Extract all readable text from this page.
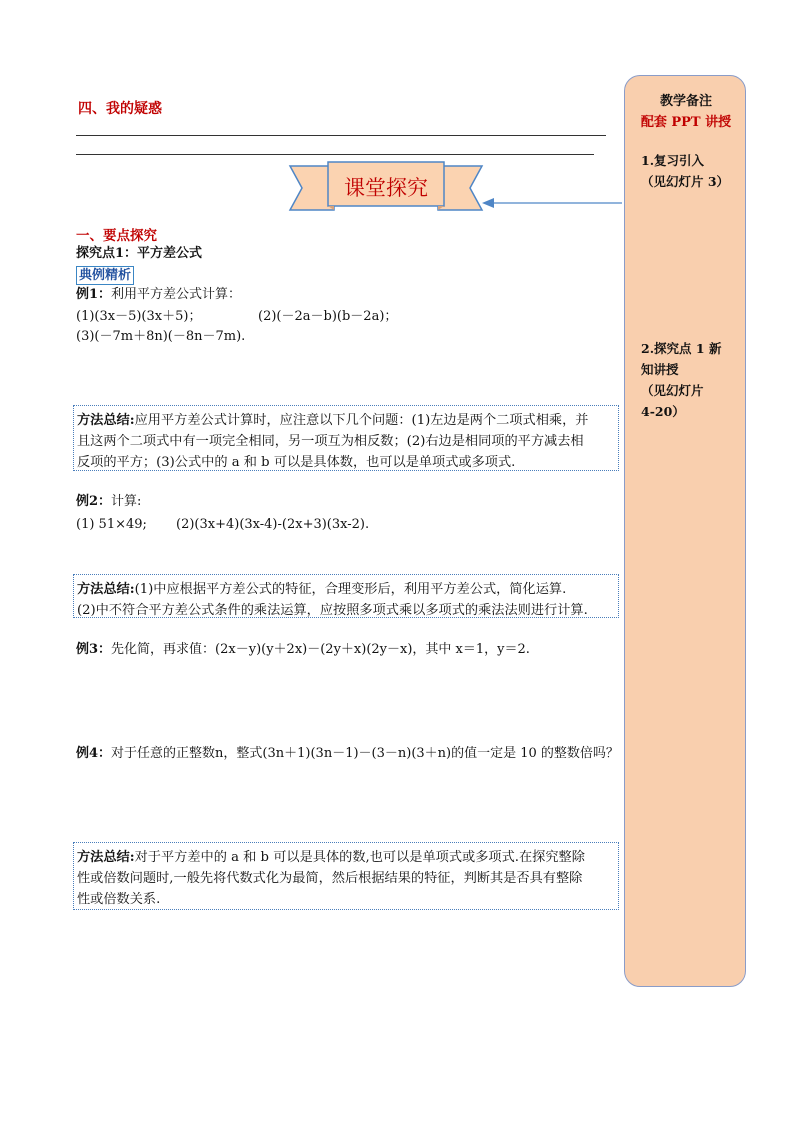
四、我的疑惑
课堂探究
一、要点探究
探究点1：平方差公式
典例精析
例1：利用平方差公式计算：
(1)(3x－5)(3x＋5)；	(2)(－2a－b)(b－2a)；
(3)(－7m＋8n)(－8n－7m).
方法总结:应用平方差公式计算时，应注意以下几个问题：(1)左边是两个二项式相乘，并
且这两个二项式中有一项完全相同，另一项互为相反数；(2)右边是相同项的平方减去相
反项的平方；(3)公式中的 a 和 b 可以是具体数，也可以是单项式或多项式.
例2：计算:
(1) 51×49; (2)(3x+4)(3x-4)-(2x+3)(3x-2).
方法总结:(1)中应根据平方差公式的特征，合理变形后，利用平方差公式，简化运算.
(2)中不符合平方差公式条件的乘法运算，应按照多项式乘以多项式的乘法法则进行计算.
例3：先化简，再求值：(2x－y)(y＋2x)－(2y＋x)(2y－x)，其中 x＝1，y＝2.
例4：对于任意的正整数n，整式(3n＋1)(3n－1)－(3－n)(3＋n)的值一定是 10 的整数倍吗？
方法总结:对于平方差中的 a 和 b 可以是具体的数,也可以是单项式或多项式.在探究整除
性或倍数问题时,一般先将代数式化为最简，然后根据结果的特征，判断其是否具有整除
性或倍数关系.
教学备注
配套 PPT 讲授
1.复习引入
（见幻灯片 3）
2.探究点 1 新
知讲授
（见幻灯片
4-20）
